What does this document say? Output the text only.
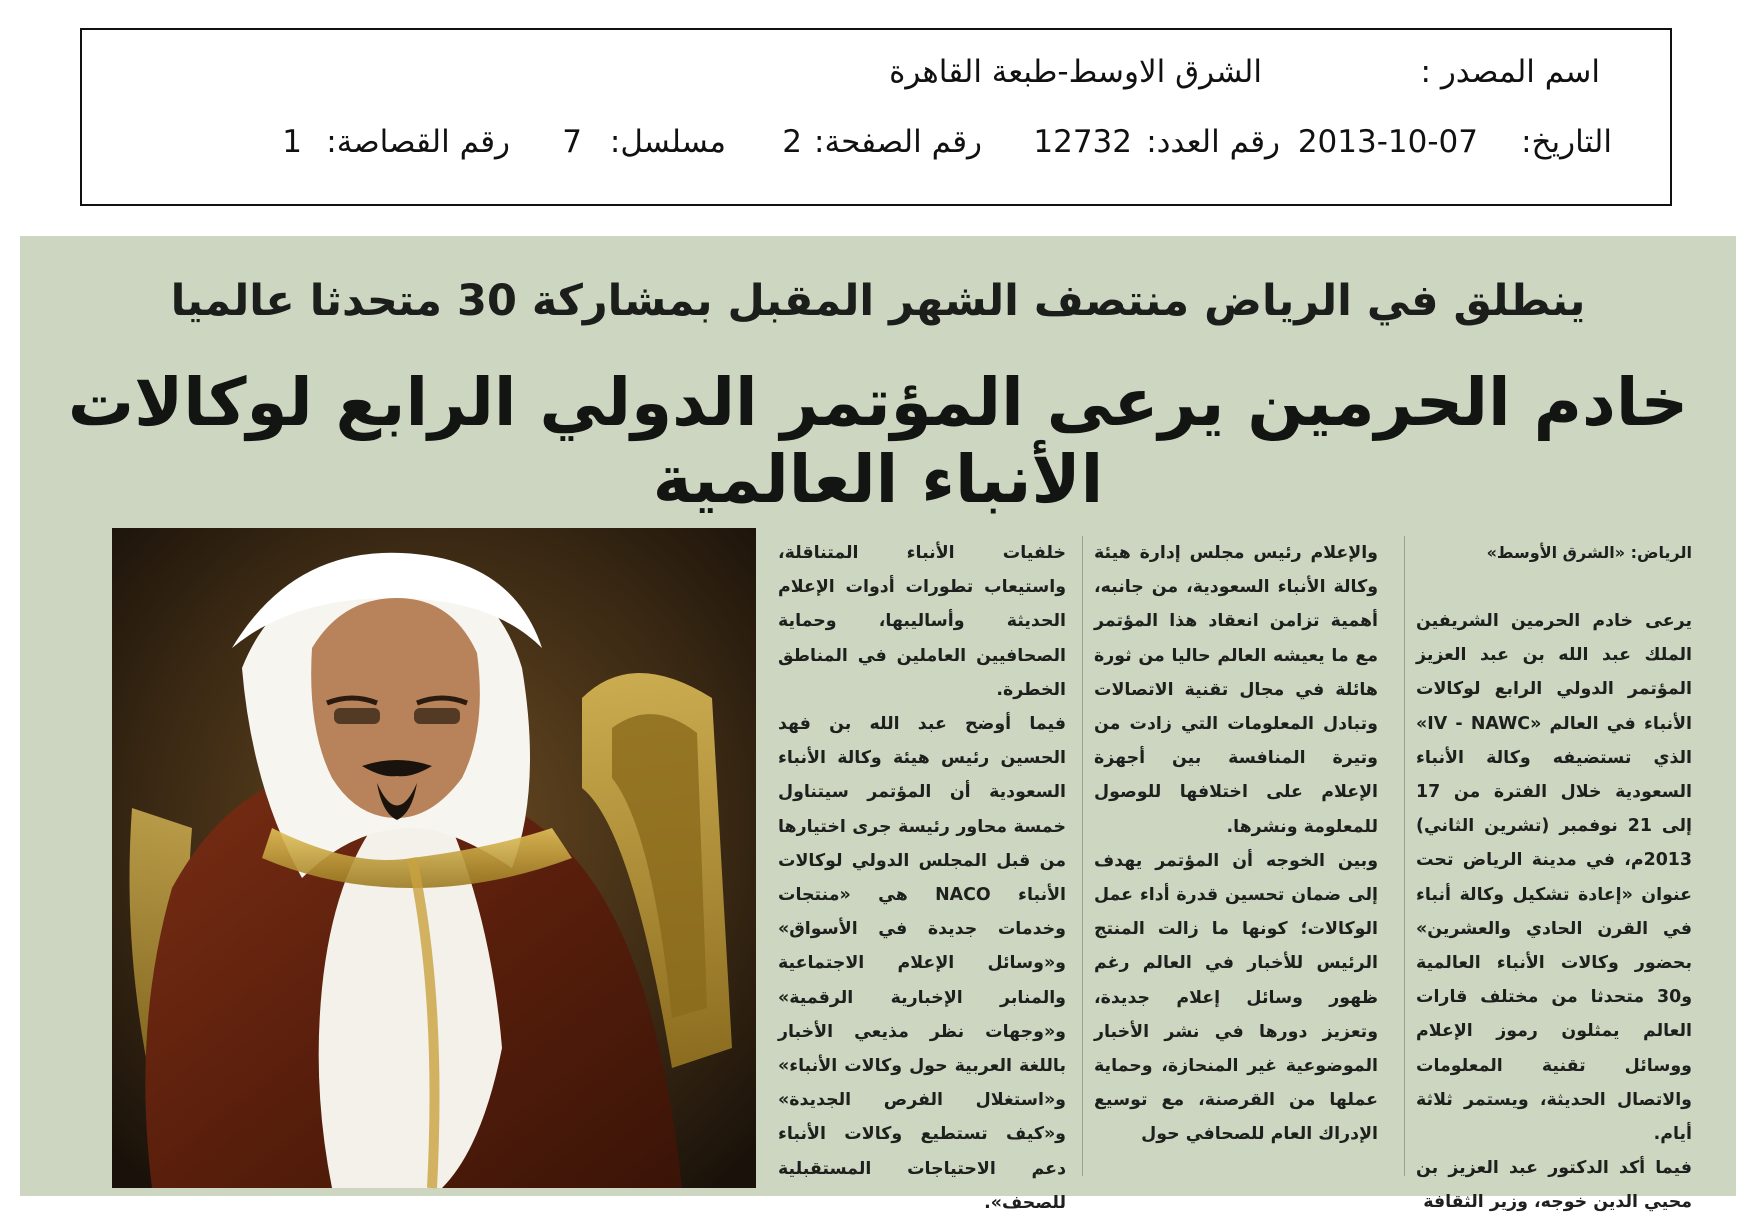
اسم المصدر :
الشرق الاوسط-طبعة القاهرة
التاريخ:
2013-10-07
رقم العدد:
12732
رقم الصفحة:
2
مسلسل:
7
رقم القصاصة:
1
ينطلق في الرياض منتصف الشهر المقبل بمشاركة 30 متحدثا عالميا
خادم الحرمين يرعى المؤتمر الدولي الرابع لوكالات الأنباء العالمية

الرياض: «الشرق الأوسط»

يرعى خادم الحرمين الشريفين الملك عبد الله بن عبد العزيز المؤتمر الدولي الرابع لوكالات الأنباء في العالم «IV - NAWC» الذي تستضيفه وكالة الأنباء السعودية خلال الفترة من 17 إلى 21 نوفمبر (تشرين الثاني) 2013م، في مدينة الرياض تحت عنوان «إعادة تشكيل وكالة أنباء في القرن الحادي والعشرين» بحضور وكالات الأنباء العالمية و30 متحدثا من مختلف قارات العالم يمثلون رموز الإعلام ووسائل تقنية المعلومات والاتصال الحديثة، ويستمر ثلاثة أيام.

فيما أكد الدكتور عبد العزيز بن محيي الدين خوجه، وزير الثقافة

والإعلام رئيس مجلس إدارة هيئة وكالة الأنباء السعودية، من جانبه، أهمية تزامن انعقاد هذا المؤتمر مع ما يعيشه العالم حاليا من ثورة هائلة في مجال تقنية الاتصالات وتبادل المعلومات التي زادت من وتيرة المنافسة بين أجهزة الإعلام على اختلافها للوصول للمعلومة ونشرها.

وبين الخوجه أن المؤتمر يهدف إلى ضمان تحسين قدرة أداء عمل الوكالات؛ كونها ما زالت المنتج الرئيس للأخبار في العالم رغم ظهور وسائل إعلام جديدة، وتعزيز دورها في نشر الأخبار الموضوعية غير المنحازة، وحماية عملها من القرصنة، مع توسيع الإدراك العام للصحافي حول

خلفيات الأنباء المتناقلة، واستيعاب تطورات أدوات الإعلام الحديثة وأساليبها، وحماية الصحافيين العاملين في المناطق الخطرة.

فيما أوضح عبد الله بن فهد الحسين رئيس هيئة وكالة الأنباء السعودية أن المؤتمر سيتناول خمسة محاور رئيسة جرى اختيارها من قبل المجلس الدولي لوكالات الأنباء NACO هي «منتجات وخدمات جديدة في الأسواق» و«وسائل الإعلام الاجتماعية والمنابر الإخبارية الرقمية» و«وجهات نظر مذيعي الأخبار باللغة العربية حول وكالات الأنباء» و«استغلال الفرص الجديدة» و«كيف تستطيع وكالات الأنباء دعم الاحتياجات المستقبلية للصحف».
